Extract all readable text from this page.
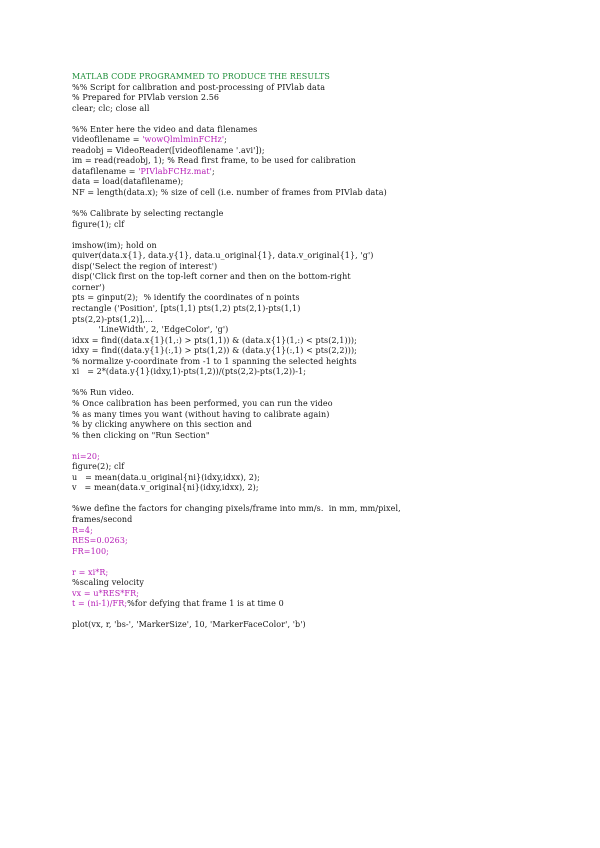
MATLAB CODE PROGRAMMED TO PRODUCE THE RESULTS
%% Script for calibration and post-processing of PIVlab data
% Prepared for PIVlab version 2.56
clear; clc; close all
%% Enter here the video and data filenames
videofilename = 'wowQlmlminFCHz';
readobj = VideoReader([videofilename '.avi']);
im = read(readobj, 1); % Read first frame, to be used for calibration
datafilename = 'PIVlabFCHz.mat';
data = load(datafilename);
NF = length(data.x); % size of cell (i.e. number of frames from PIVlab data)
%% Calibrate by selecting rectangle
figure(1); clf
imshow(im); hold on
quiver(data.x{1}, data.y{1}, data.u_original{1}, data.v_original{1}, 'g')
disp('Select the region of interest')
disp('Click first on the top-left corner and then on the bottom-right
corner')
pts = ginput(2);  % identify the coordinates of n points
rectangle ('Position', [pts(1,1) pts(1,2) pts(2,1)-pts(1,1)
pts(2,2)-pts(1,2)],...
'LineWidth', 2, 'EdgeColor', 'g')
idxx = find((data.x{1}(1,:) > pts(1,1)) & (data.x{1}(1,:) < pts(2,1)));
idxy = find((data.y{1}(:,1) > pts(1,2)) & (data.y{1}(:,1) < pts(2,2)));
% normalize y-coordinate from -1 to 1 spanning the selected heights
xi   = 2*(data.y{1}(idxy,1)-pts(1,2))/(pts(2,2)-pts(1,2))-1;
%% Run video.
% Once calibration has been performed, you can run the video
% as many times you want (without having to calibrate again)
% by clicking anywhere on this section and
% then clicking on "Run Section"
ni=20;
figure(2); clf
u   = mean(data.u_original{ni}(idxy,idxx), 2);
v   = mean(data.v_original{ni}(idxy,idxx), 2);
%we define the factors for changing pixels/frame into mm/s.  in mm, mm/pixel,
frames/second
R=4;
RES=0.0263;
FR=100;
r = xi*R;
%scaling velocity
vx = u*RES*FR;
t = (ni-1)/FR;%for defying that frame 1 is at time 0
plot(vx, r, 'bs-', 'MarkerSize', 10, 'MarkerFaceColor', 'b')
